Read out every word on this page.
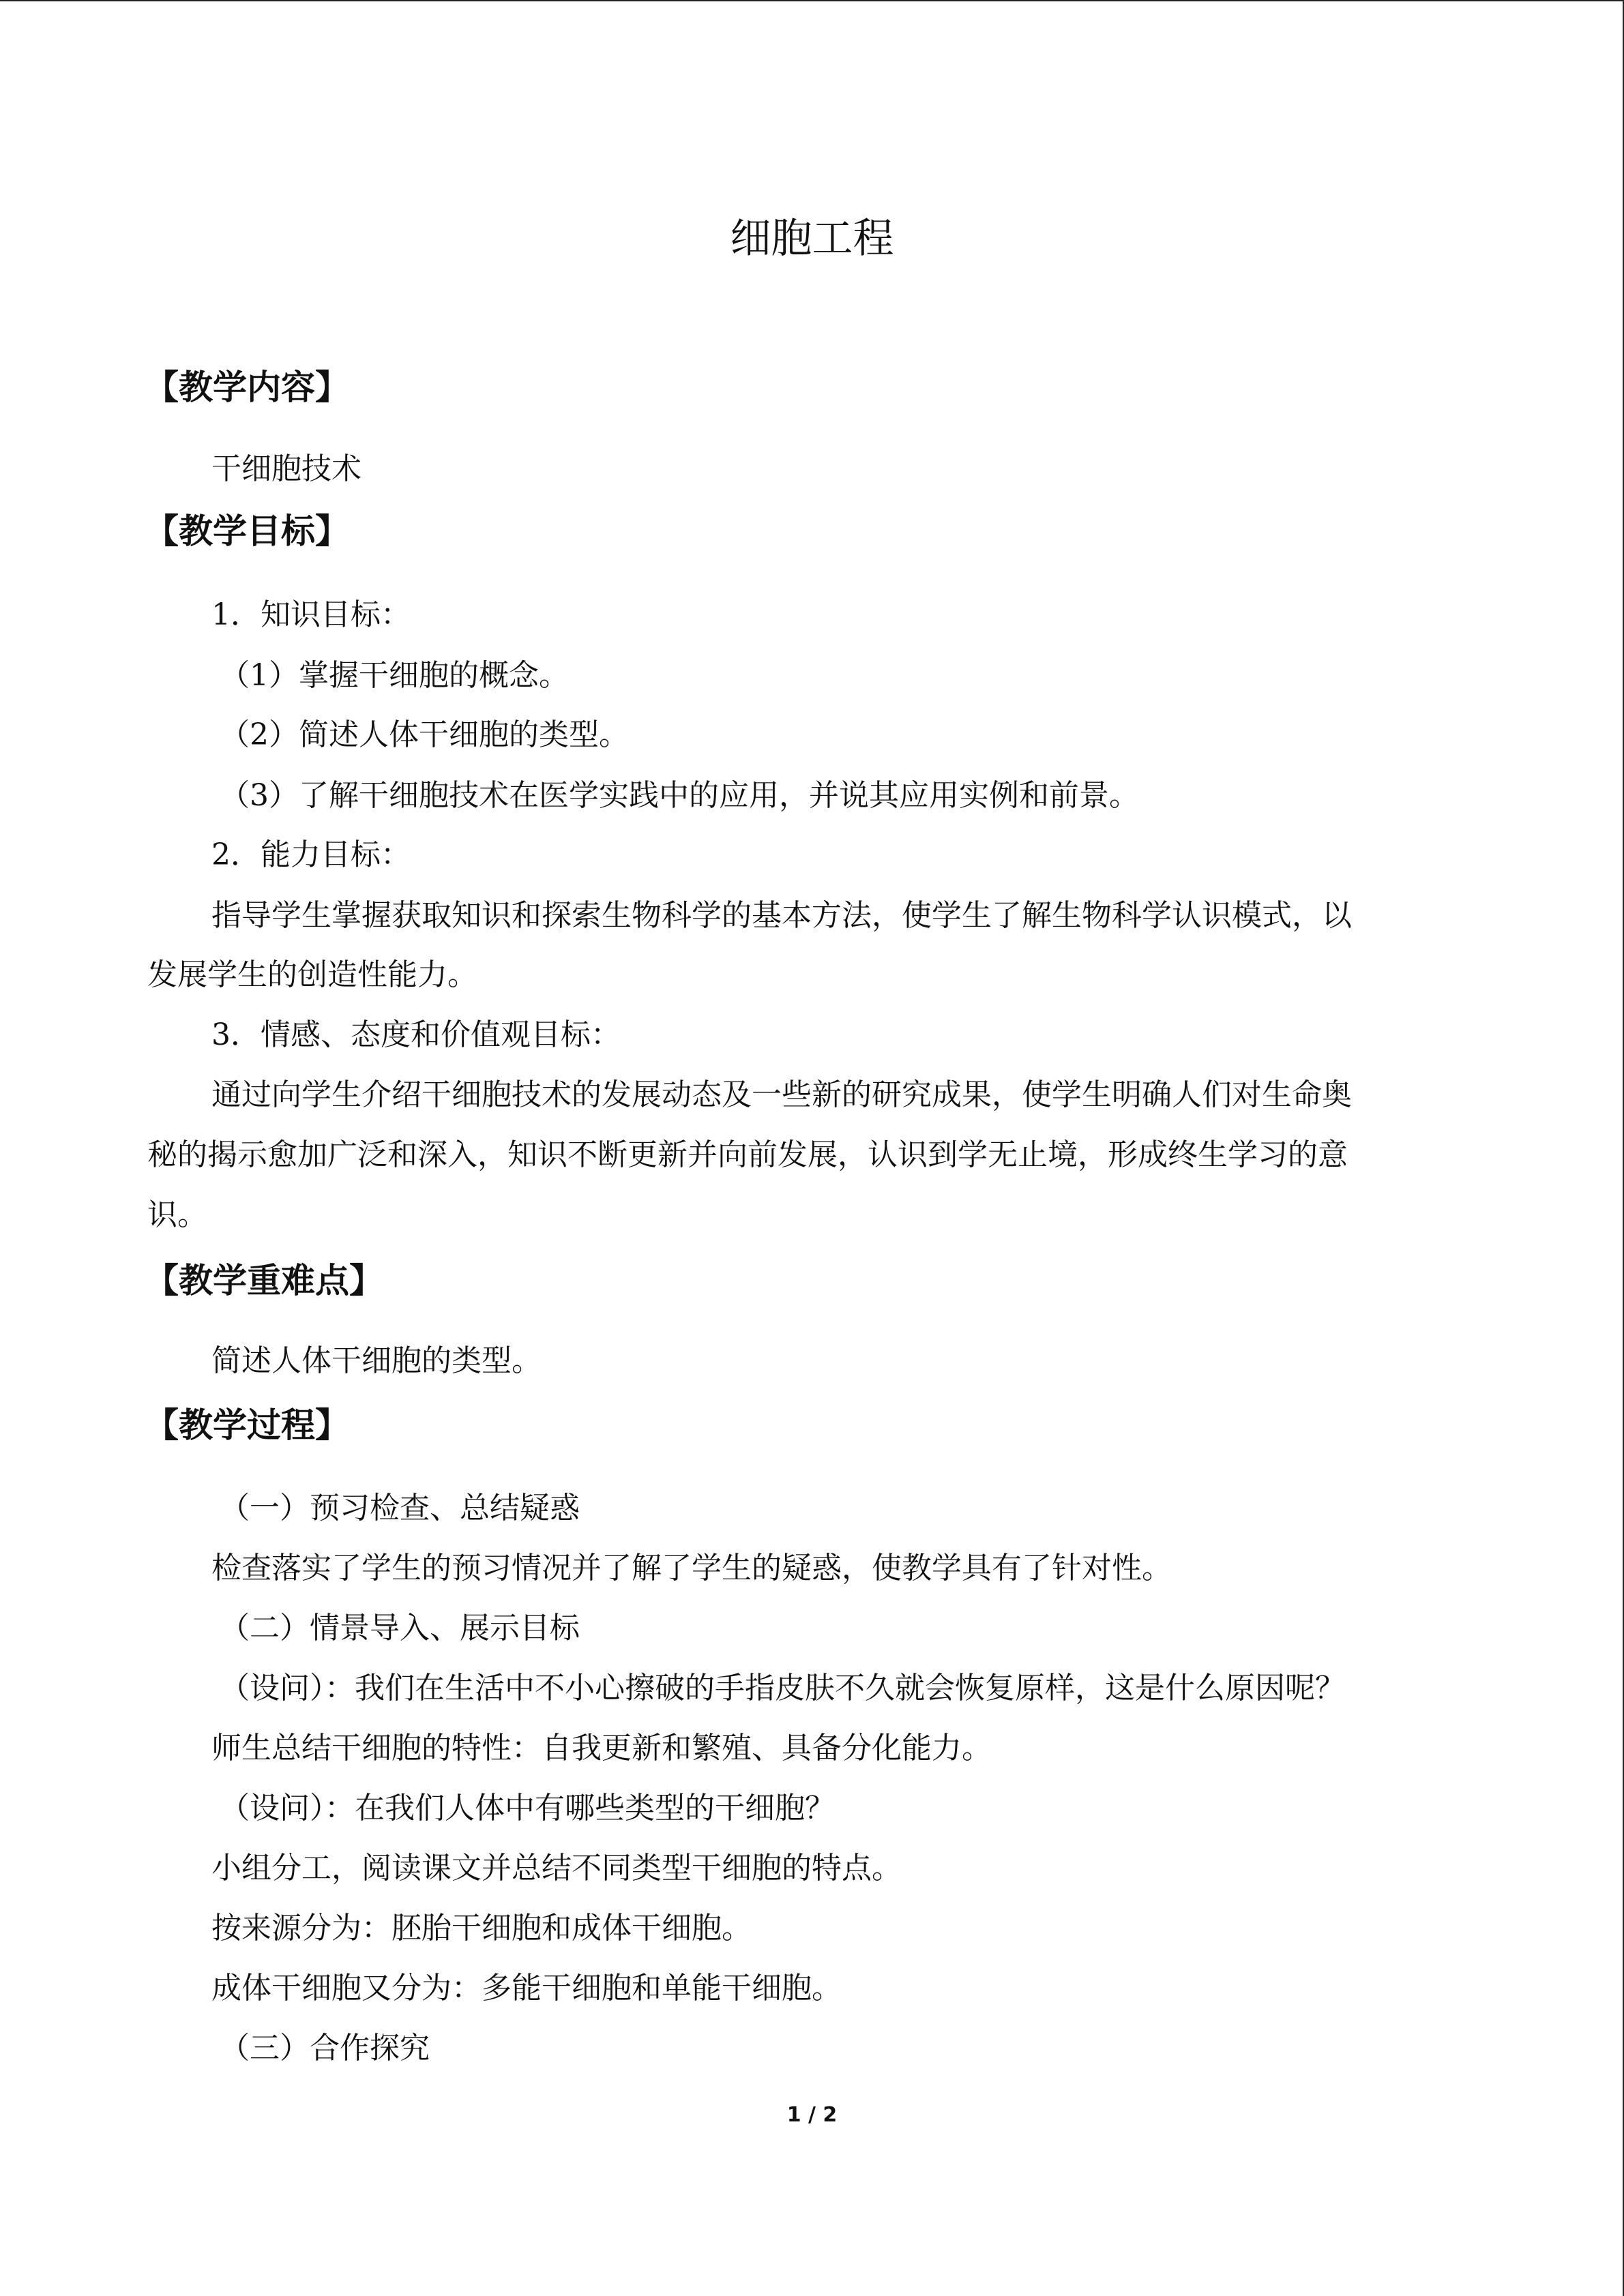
细胞工程
【教学内容】

干细胞技术

【教学目标】

1．知识目标：

（1）掌握干细胞的概念。

（2）简述人体干细胞的类型。

（3）了解干细胞技术在医学实践中的应用，并说其应用实例和前景。

2．能力目标：

指导学生掌握获取知识和探索生物科学的基本方法，使学生了解生物科学认识模式，以

发展学生的创造性能力。

3．情感、态度和价值观目标：

通过向学生介绍干细胞技术的发展动态及一些新的研究成果，使学生明确人们对生命奥

秘的揭示愈加广泛和深入，知识不断更新并向前发展，认识到学无止境，形成终生学习的意

识。

【教学重难点】

简述人体干细胞的类型。

【教学过程】

（一）预习检查、总结疑惑

检查落实了学生的预习情况并了解了学生的疑惑，使教学具有了针对性。

（二）情景导入、展示目标

（设问）：我们在生活中不小心擦破的手指皮肤不久就会恢复原样，这是什么原因呢？

师生总结干细胞的特性：自我更新和繁殖、具备分化能力。

（设问）：在我们人体中有哪些类型的干细胞？

小组分工，阅读课文并总结不同类型干细胞的特点。

按来源分为：胚胎干细胞和成体干细胞。

成体干细胞又分为：多能干细胞和单能干细胞。

（三）合作探究

1 / 2
